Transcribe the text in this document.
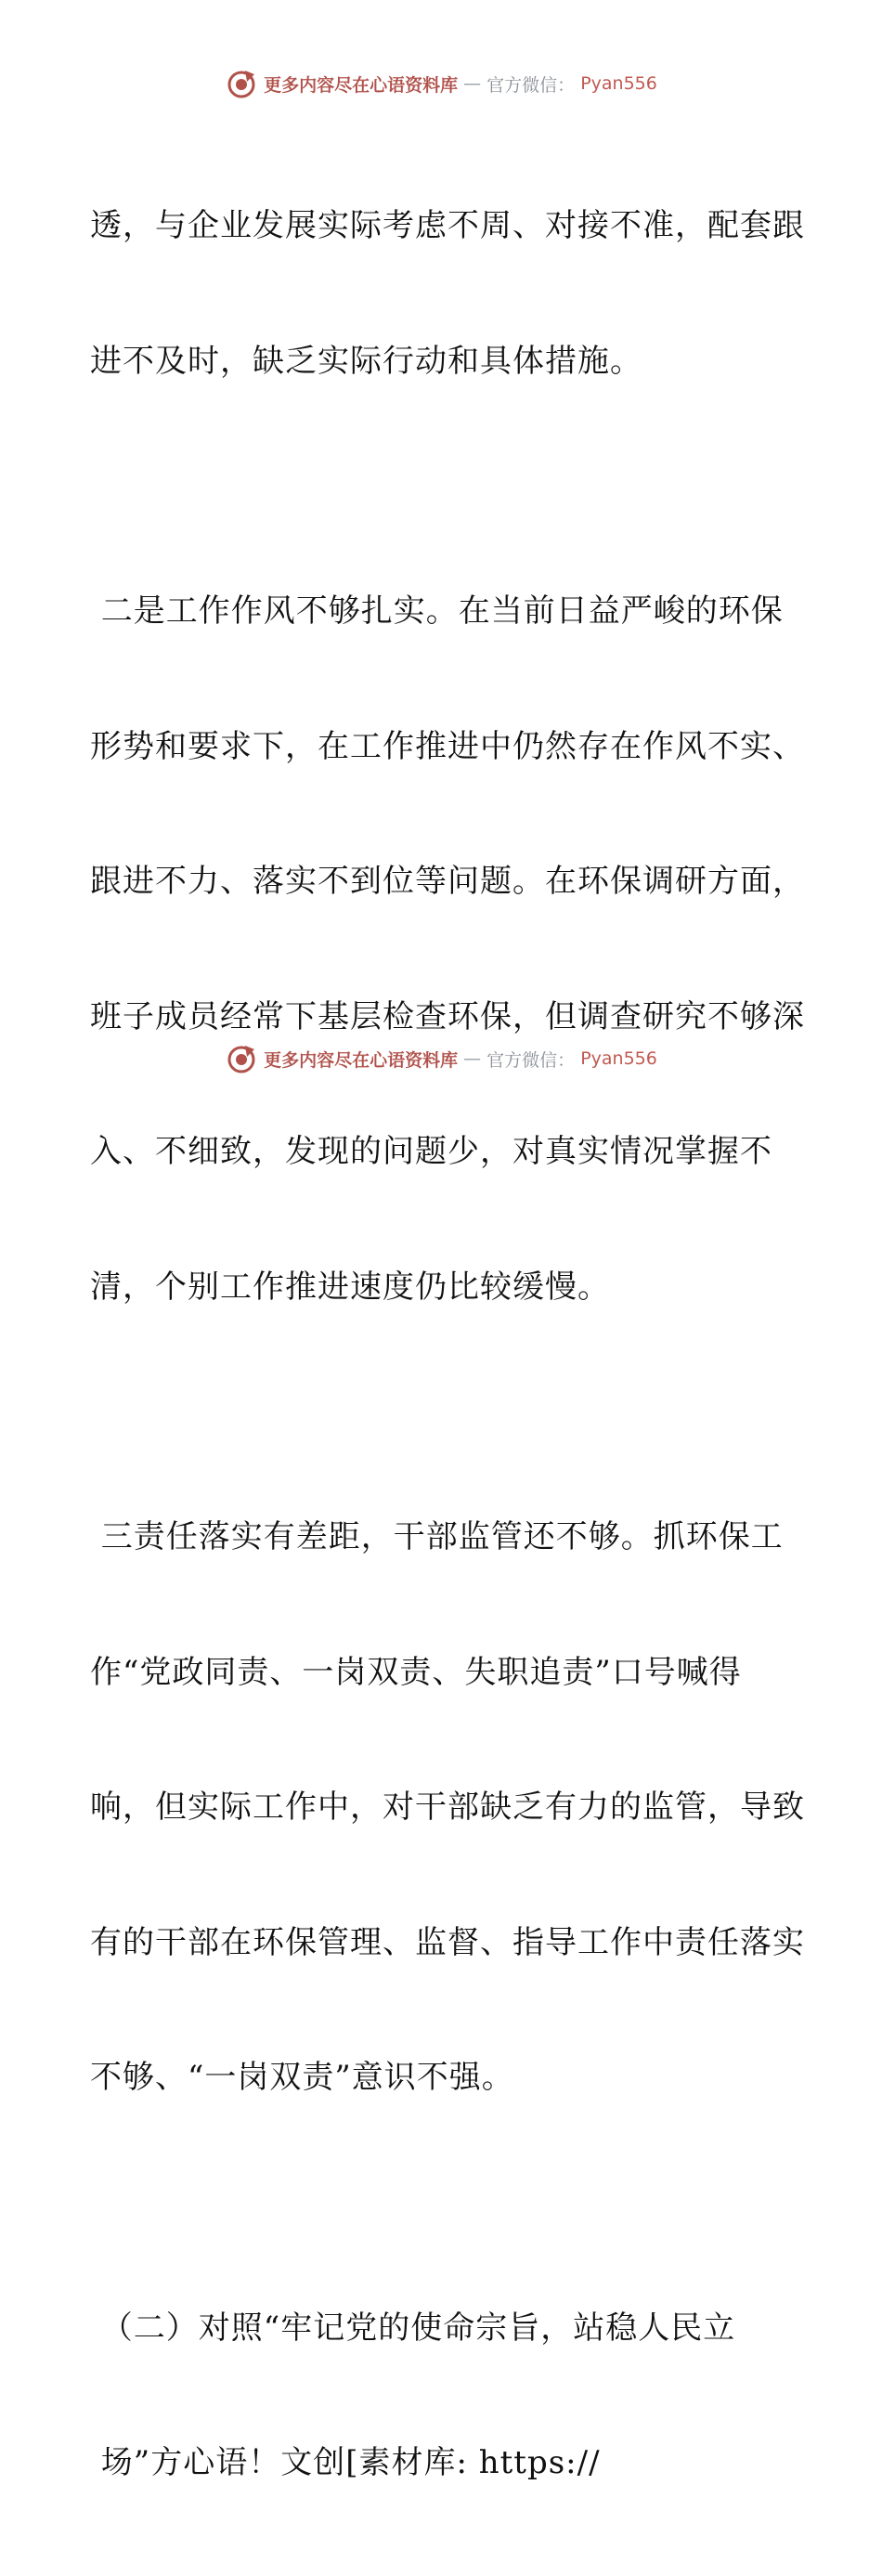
更多内容尽在心语资料库 — 官方微信： Pyan556

透，与企业发展实际考虑不周、对接不准，配套跟

进不及时，缺乏实际行动和具体措施。

二是工作作风不够扎实。在当前日益严峻的环保

形势和要求下，在工作推进中仍然存在作风不实、

跟进不力、落实不到位等问题。在环保调研方面，

班子成员经常下基层检查环保，但调查研究不够深

入、不细致，发现的问题少，对真实情况掌握不

清，个别工作推进速度仍比较缓慢。

三责任落实有差距，干部监管还不够。抓环保工

作“党政同责、一岗双责、失职追责”口号喊得

响，但实际工作中，对干部缺乏有力的监管，导致

有的干部在环保管理、监督、指导工作中责任落实

不够、“一岗双责”意识不强。

（二）对照“牢记党的使命宗旨，站稳人民立

场”方心语！文创[素材库: https://

更多内容尽在心语资料库 — 官方微信： Pyan556
